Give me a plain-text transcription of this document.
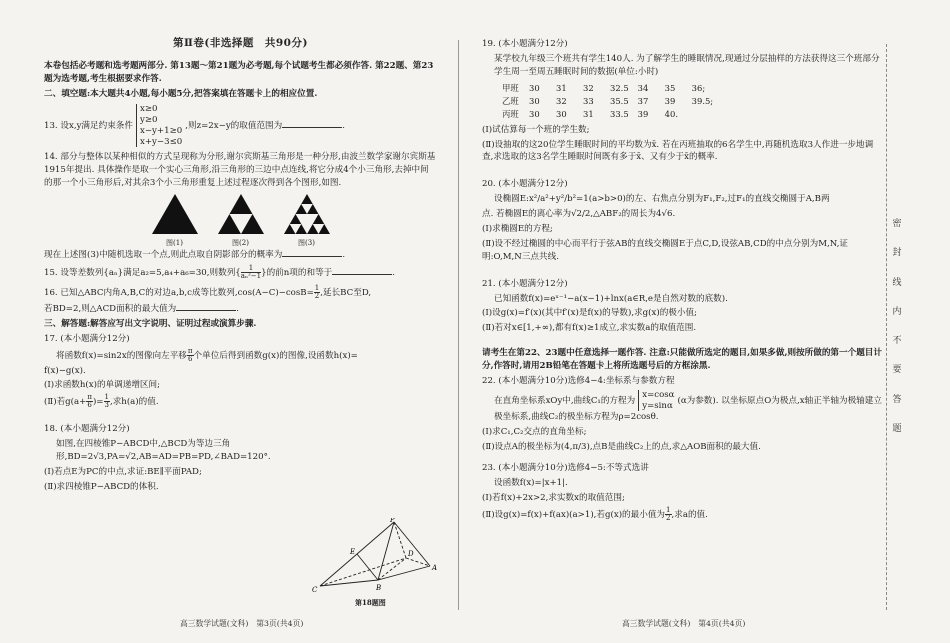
第Ⅱ卷(非选择题　共90分)

本卷包括必考题和选考题两部分. 第13题～第21题为必考题,每个试题考生都必须作答. 第22题、第23题为选考题,考生根据要求作答.

二、填空题:本大题共4小题,每小题5分,把答案填在答题卡上的相应位置.

13. 设x,y满足约束条件
x≥0
y≥0
x−y+1≥0
x+y−3≤0
,则z=2x−y的取值范围为	.

14. 部分与整体以某种相似的方式呈现称为分形,谢尔宾斯基三角形是一种分形,由波兰数学家谢尔宾斯基1915年提出. 具体操作是取一个实心三角形,沿三角形的三边中点连线,将它分成4个小三角形,去掉中间的那一个小三角形后,对其余3个小三角形重复上述过程逐次得到各个图形,如图.

图(1)	图(2)	图(3)

现在上述图(3)中随机选取一个点,则此点取自阴影部分的概率为	.

15. 设等差数列{aₙ}满足a₂=5,a₄+a₆=30,则数列{ $\frac{1}{\text{aₙ²−1}}$ }的前n项的和等于	.

16. 已知△ABC内角A,B,C的对边a,b,c成等比数列$,\cos(A-C)-\cos B= \frac{1}{2}$ ,延长BC至D,

若BD=2,则△ACD面积的最大值为	.

三、解答题:解答应写出文字说明、证明过程或演算步骤.

17. (本小题满分12分)

将函数f(x)=sin2x的图像向左平移 $\frac{\pi}{6}$ 个单位后得到函数g(x)的图像,设函数h(x)=

f(x)−g(x).

(Ⅰ)求函数h(x)的单调递增区间;

(Ⅱ)若$g(a+ \frac{\pi}{6}$ )= $\frac{1}{3}$ ,求h(a)的值.

18. (本小题满分12分)

如图,在四棱锥P−ABCD中,△BCD为等边三角形,BD=2√3,PA=√2,AB=AD=PB=PD,∠BAD=120°.

(Ⅰ)若点E为PC的中点,求证:BE∥平面PAD;

(Ⅱ)求四棱锥P−ABCD的体积.

P
E	D
B
C
A
第18题图
高三数学试题(文科)　第3页(共4页)

19. (本小题满分12分)

某学校九年级三个班共有学生140人. 为了解学生的睡眠情况,现通过分层抽样的方法获得这三个班部分学生周一至周五睡眠时间的数据(单位:小时)

甲班	30	31	32	32.5	34	35	36;
乙班	30	32	33	35.5	37	39	39.5;
丙班	30	30	31	33.5	39	40.	

(Ⅰ)试估算每一个班的学生数;

(Ⅱ)设抽取的这20位学生睡眠时间的平均数为x̄. 若在丙班抽取的6名学生中,再随机选取3人作进一步地调查,求选取的这3名学生睡眠时间既有多于x̄、又有少于x̄的概率.

20. (本小题满分12分)

设椭圆E:x²/a²+y²/b²=1(a>b>0)的左、右焦点分别为F₁,F₂,过F₁的直线交椭圆于A,B两

点. 若椭圆E的离心率为√2/2,△ABF₂的周长为4√6.

(Ⅰ)求椭圆E的方程;

(Ⅱ)设不经过椭圆的中心而平行于弦AB的直线交椭圆E于点C,D,设弦AB,CD的中点分别为M,N,证明:O,M,N三点共线.

21. (本小题满分12分)

已知函数f(x)=eˣ⁻¹−a(x−1)+lnx(a∈R,e是自然对数的底数).

(Ⅰ)设g(x)=f′(x)(其中f′(x)是f(x)的导数),求g(x)的极小值;

(Ⅱ)若对x∈[1,+∞),都有f(x)≥1成立,求实数a的取值范围.

请考生在第22、23题中任意选择一题作答. 注意:只能做所选定的题目,如果多做,则按所做的第一个题目计分,作答时,请用2B铅笔在答题卡上将所选题号后的方框涂黑.

22. (本小题满分10分)选修4−4:坐标系与参数方程

在直角坐标系xOy中,曲线C₁的方程为
x=cosα
y=sinα (α为参数). 以坐标原点O为极点,x轴正半轴为极轴建立极坐标系,曲线C₂的极坐标方程为ρ=2cosθ.

(Ⅰ)求C₁,C₂交点的直角坐标;

(Ⅱ)设点A的极坐标为(4,π/3),点B是曲线C₂上的点,求△AOB面积的最大值.

23. (本小题满分10分)选修4−5:不等式选讲

设函数f(x)=|x+1|.

(Ⅰ)若f(x)+2x>2,求实数x的取值范围;

(Ⅱ)设g(x)=f(x)+f(ax)(a>1),若g(x)的最小值为 $\frac{1}{2}$ ,求a的值.

高三数学试题(文科)　第4页(共4页)
密
封
线
内
不
要
答
题
